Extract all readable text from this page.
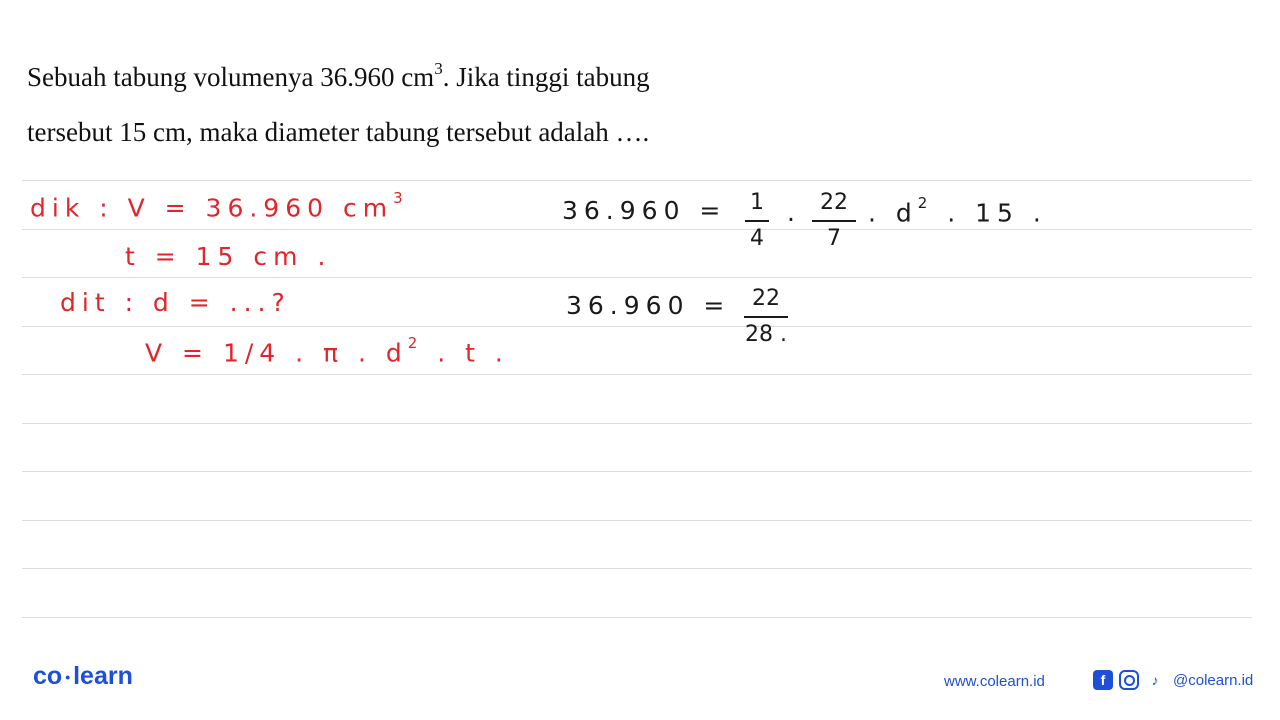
Sebuah tabung volumenya 36.960 $cm^3$. Jika tinggi tabung
tersebut 15 cm, maka diameter tabung tersebut adalah ….
dik : V = 36.960 $cm^3$
t = 15 cm .
dit : d = ...?
V = 1/4 . π . $d^2$ . t .
36.960 = 1
4
. 22
7
. $d^2$ . 15 .
36.960 = 22
28 .
co • learn	www.colearn.id	f	♪ @colearn.id
